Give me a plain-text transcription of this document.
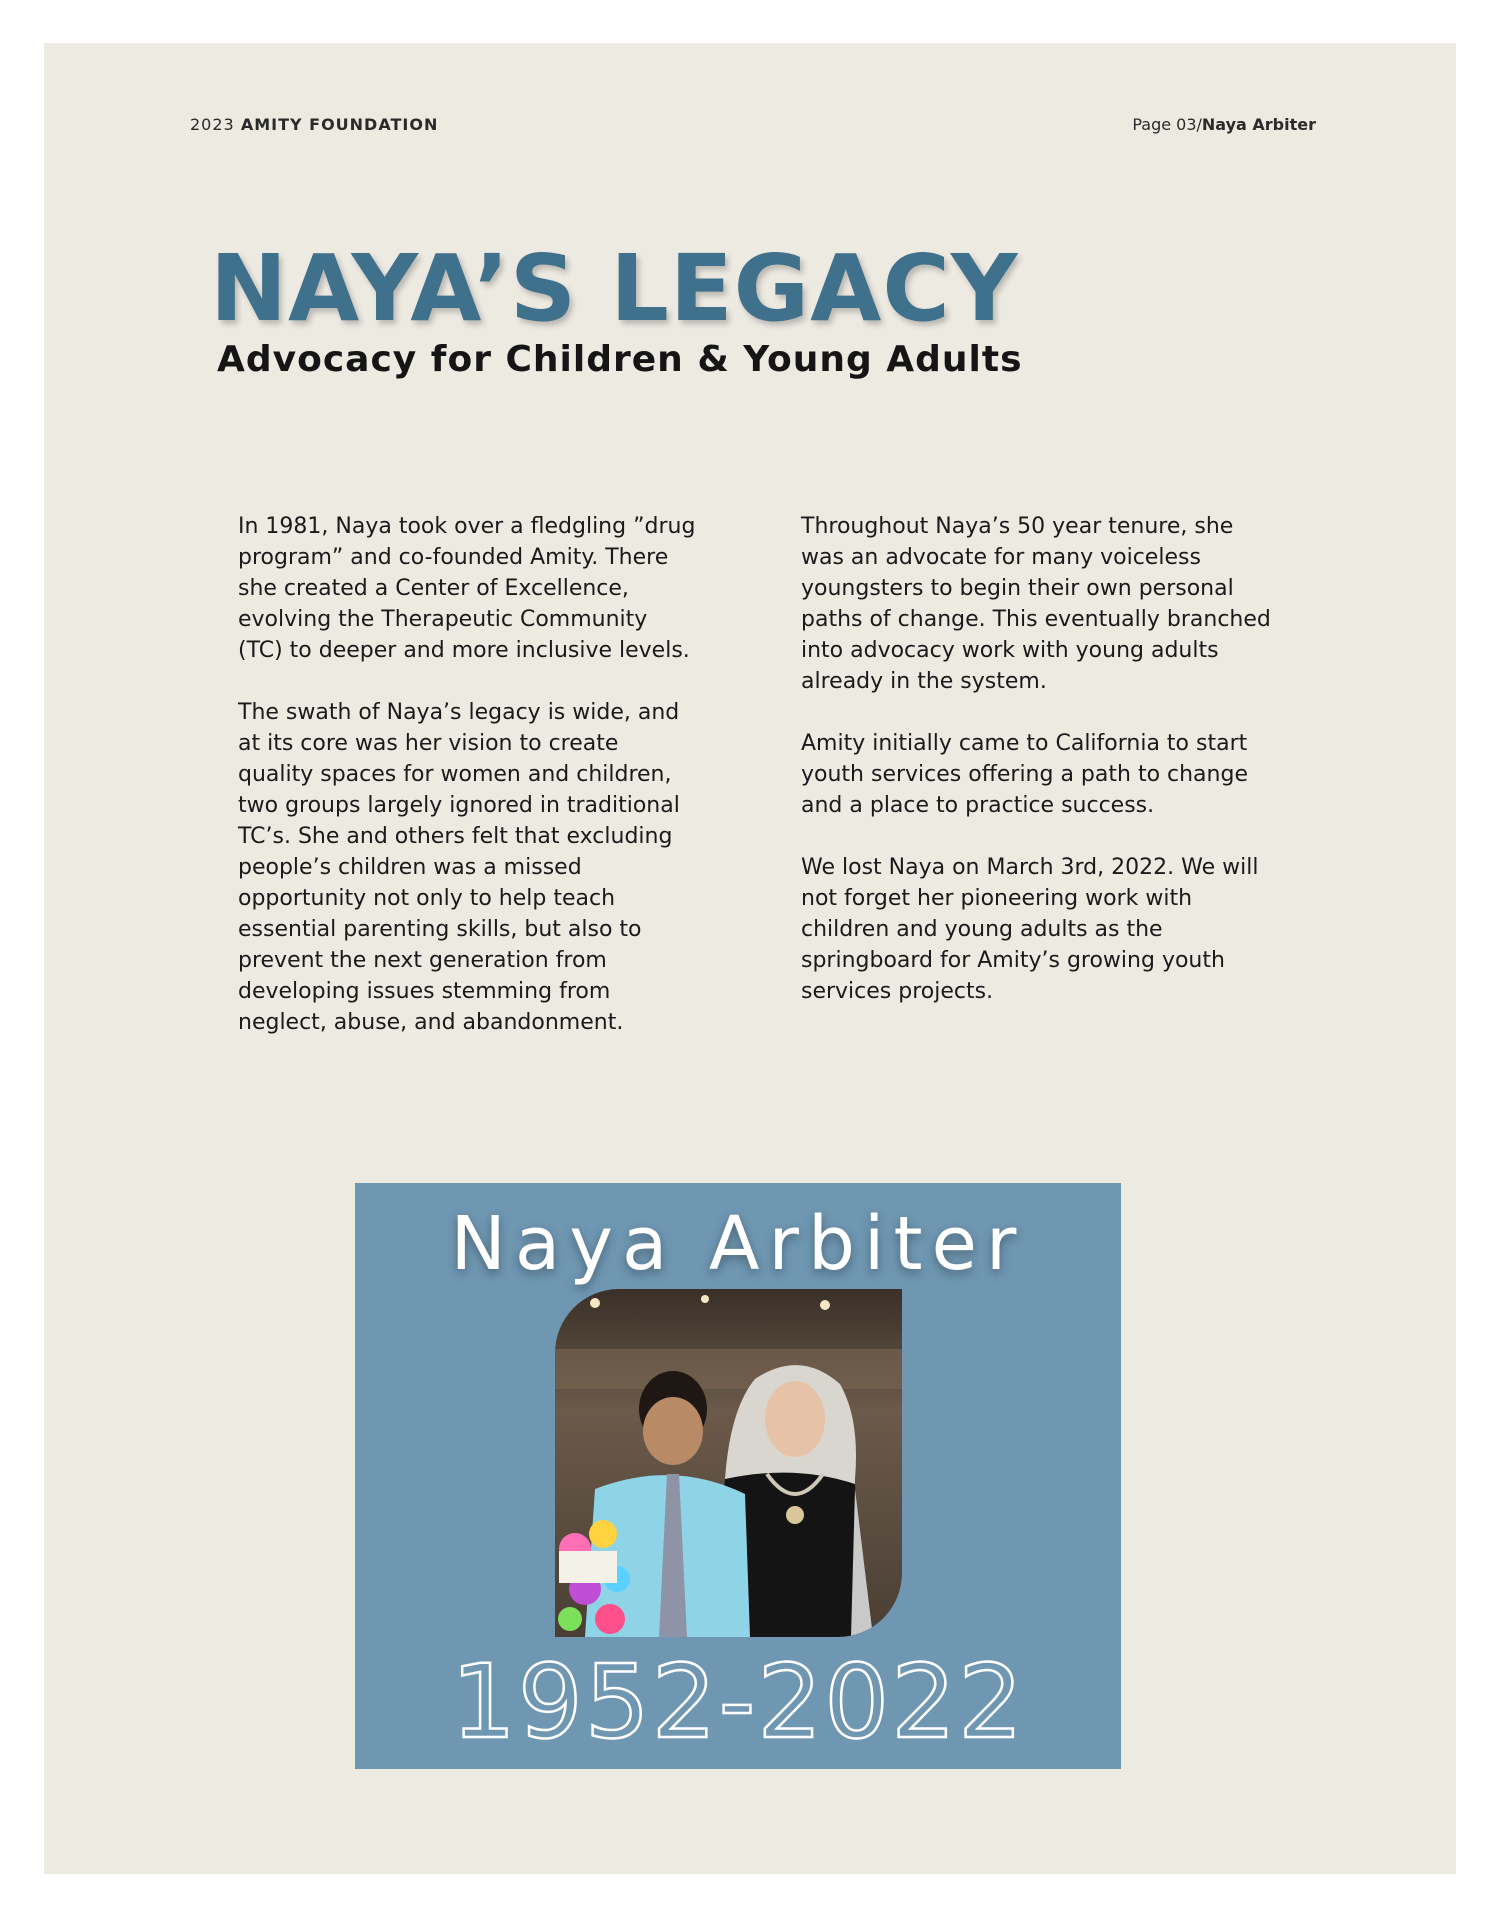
2023 AMITY FOUNDATION	Page 03/Naya Arbiter
NAYA’S LEGACY
Advocacy for Children & Young Adults

In 1981, Naya took over a fledgling ”drug program” and co-founded Amity. There she created a Center of Excellence, evolving the Therapeutic Community (TC) to deeper and more inclusive levels.

The swath of Naya’s legacy is wide, and at its core was her vision to create quality spaces for women and children, two groups largely ignored in traditional TC’s. She and others felt that excluding people’s children was a missed opportunity not only to help teach essential parenting skills, but also to prevent the next generation from developing issues stemming from neglect, abuse, and abandonment.

Throughout Naya’s 50 year tenure, she was an advocate for many voiceless youngsters to begin their own personal paths of change. This eventually branched into advocacy work with young adults already in the system.

Amity initially came to California to start youth services offering a path to change and a place to practice success.

We lost Naya on March 3rd, 2022. We will not forget her pioneering work with children and young adults as the springboard for Amity’s growing youth services projects.

Naya Arbiter
1952-2022
